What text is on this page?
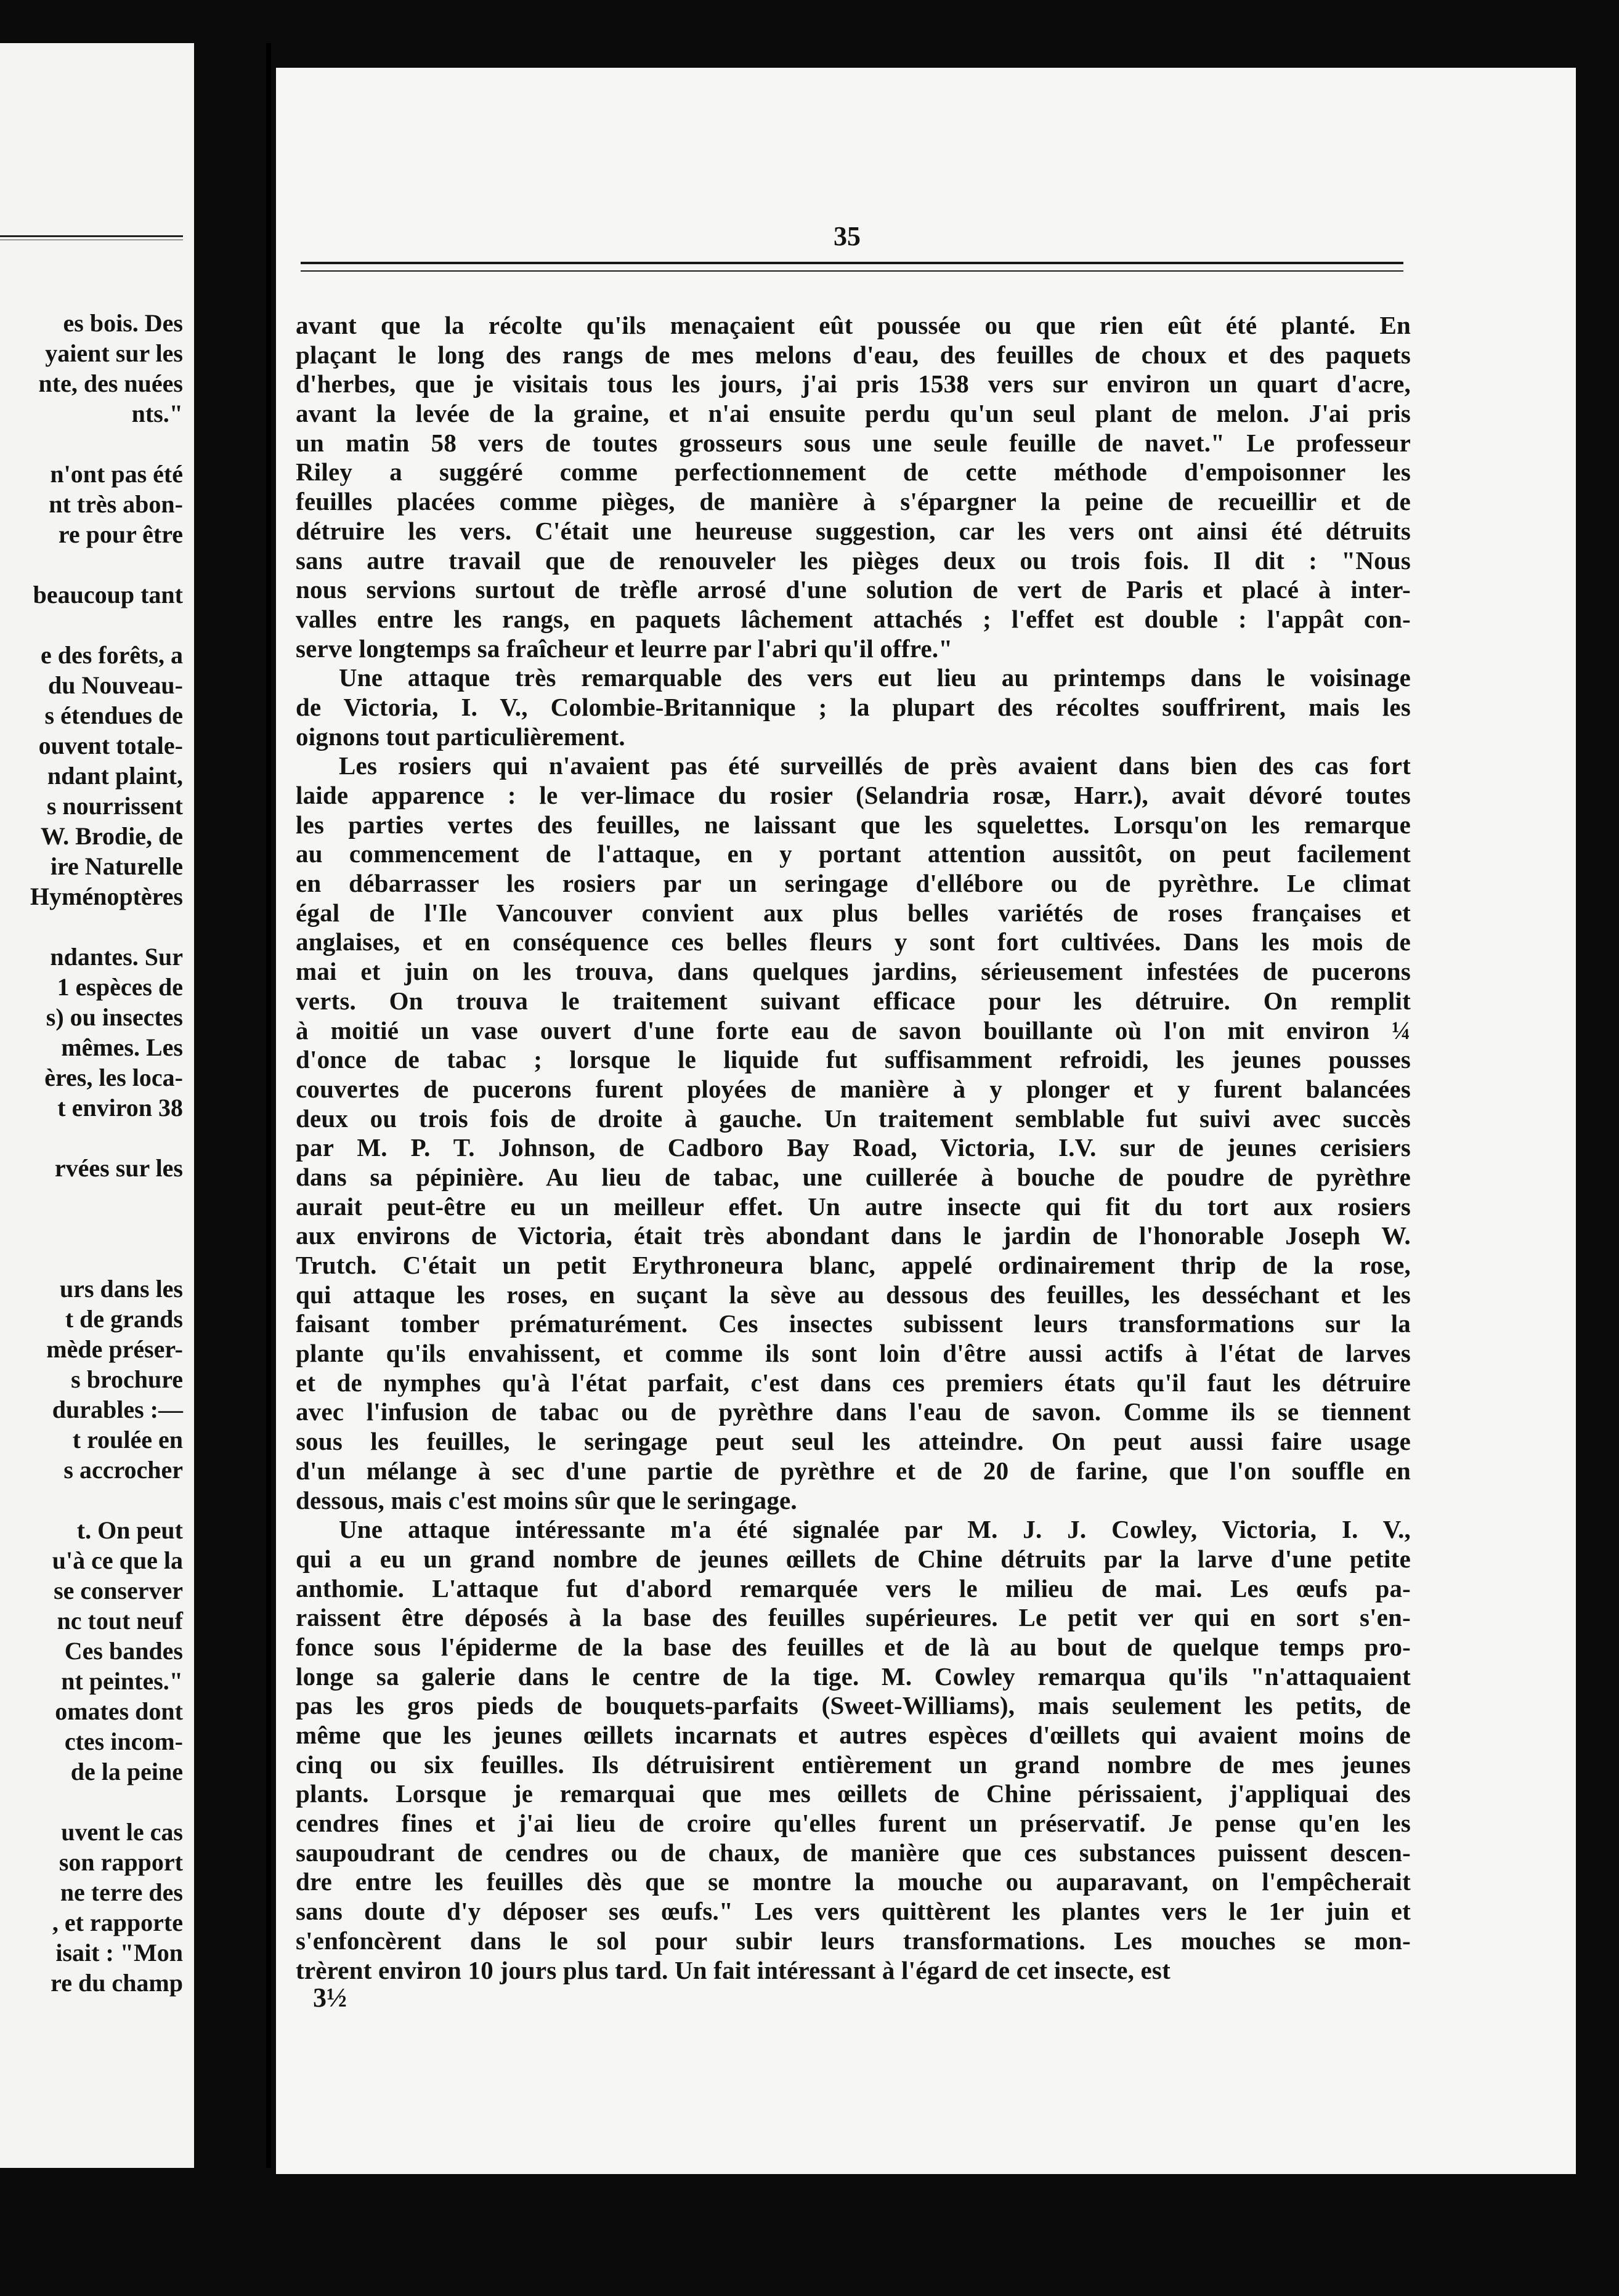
es bois. Des
yaient sur les
nte, des nuées
nts."
n'ont pas été
nt très abon-
re pour être
beaucoup tant
e des forêts, a
du Nouveau-
s étendues de
ouvent totale-
ndant plaint,
s nourrissent
W. Brodie, de
ire Naturelle
Hyménoptères
ndantes. Sur
1 espèces de
s) ou insectes
mêmes. Les
ères, les loca-
t environ 38
rvées sur les
urs dans les
t de grands
mède préser-
s brochure
durables :—
t roulée en
s accrocher
t. On peut
u'à ce que la
se conserver
nc tout neuf
Ces bandes
nt peintes."
omates dont
ctes incom-
de la peine
uvent le cas
son rapport
ne terre des
, et rapporte
isait : "Mon
re du champ
35
avant que la récolte qu'ils menaçaient eût poussée ou que rien eût été planté. En
plaçant le long des rangs de mes melons d'eau, des feuilles de choux et des paquets
d'herbes, que je visitais tous les jours, j'ai pris 1538 vers sur environ un quart d'acre,
avant la levée de la graine, et n'ai ensuite perdu qu'un seul plant de melon. J'ai pris
un matin 58 vers de toutes grosseurs sous une seule feuille de navet." Le professeur
Riley a suggéré comme perfectionnement de cette méthode d'empoisonner les
feuilles placées comme pièges, de manière à s'épargner la peine de recueillir et de
détruire les vers. C'était une heureuse suggestion, car les vers ont ainsi été détruits
sans autre travail que de renouveler les pièges deux ou trois fois. Il dit : "Nous
nous servions surtout de trèfle arrosé d'une solution de vert de Paris et placé à inter-
valles entre les rangs, en paquets lâchement attachés ; l'effet est double : l'appât con-
serve longtemps sa fraîcheur et leurre par l'abri qu'il offre."
Une attaque très remarquable des vers eut lieu au printemps dans le voisinage
de Victoria, I. V., Colombie-Britannique ; la plupart des récoltes souffrirent, mais les
oignons tout particulièrement.
Les rosiers qui n'avaient pas été surveillés de près avaient dans bien des cas fort
laide apparence : le ver-limace du rosier (Selandria rosæ, Harr.), avait dévoré toutes
les parties vertes des feuilles, ne laissant que les squelettes. Lorsqu'on les remarque
au commencement de l'attaque, en y portant attention aussitôt, on peut facilement
en débarrasser les rosiers par un seringage d'ellébore ou de pyrèthre. Le climat
égal de l'Ile Vancouver convient aux plus belles variétés de roses françaises et
anglaises, et en conséquence ces belles fleurs y sont fort cultivées. Dans les mois de
mai et juin on les trouva, dans quelques jardins, sérieusement infestées de pucerons
verts. On trouva le traitement suivant efficace pour les détruire. On remplit
à moitié un vase ouvert d'une forte eau de savon bouillante où l'on mit environ ¼
d'once de tabac ; lorsque le liquide fut suffisamment refroidi, les jeunes pousses
couvertes de pucerons furent ployées de manière à y plonger et y furent balancées
deux ou trois fois de droite à gauche. Un traitement semblable fut suivi avec succès
par M. P. T. Johnson, de Cadboro Bay Road, Victoria, I.V. sur de jeunes cerisiers
dans sa pépinière. Au lieu de tabac, une cuillerée à bouche de poudre de pyrèthre
aurait peut-être eu un meilleur effet. Un autre insecte qui fit du tort aux rosiers
aux environs de Victoria, était très abondant dans le jardin de l'honorable Joseph W.
Trutch. C'était un petit Erythroneura blanc, appelé ordinairement thrip de la rose,
qui attaque les roses, en suçant la sève au dessous des feuilles, les desséchant et les
faisant tomber prématurément. Ces insectes subissent leurs transformations sur la
plante qu'ils envahissent, et comme ils sont loin d'être aussi actifs à l'état de larves
et de nymphes qu'à l'état parfait, c'est dans ces premiers états qu'il faut les détruire
avec l'infusion de tabac ou de pyrèthre dans l'eau de savon. Comme ils se tiennent
sous les feuilles, le seringage peut seul les atteindre. On peut aussi faire usage
d'un mélange à sec d'une partie de pyrèthre et de 20 de farine, que l'on souffle en
dessous, mais c'est moins sûr que le seringage.
Une attaque intéressante m'a été signalée par M. J. J. Cowley, Victoria, I. V.,
qui a eu un grand nombre de jeunes œillets de Chine détruits par la larve d'une petite
anthomie. L'attaque fut d'abord remarquée vers le milieu de mai. Les œufs pa-
raissent être déposés à la base des feuilles supérieures. Le petit ver qui en sort s'en-
fonce sous l'épiderme de la base des feuilles et de là au bout de quelque temps pro-
longe sa galerie dans le centre de la tige. M. Cowley remarqua qu'ils "n'attaquaient
pas les gros pieds de bouquets-parfaits (Sweet-Williams), mais seulement les petits, de
même que les jeunes œillets incarnats et autres espèces d'œillets qui avaient moins de
cinq ou six feuilles. Ils détruisirent entièrement un grand nombre de mes jeunes
plants. Lorsque je remarquai que mes œillets de Chine périssaient, j'appliquai des
cendres fines et j'ai lieu de croire qu'elles furent un préservatif. Je pense qu'en les
saupoudrant de cendres ou de chaux, de manière que ces substances puissent descen-
dre entre les feuilles dès que se montre la mouche ou auparavant, on l'empêcherait
sans doute d'y déposer ses œufs." Les vers quittèrent les plantes vers le 1er juin et
s'enfoncèrent dans le sol pour subir leurs transformations. Les mouches se mon-
trèrent environ 10 jours plus tard. Un fait intéressant à l'égard de cet insecte, est
3½
